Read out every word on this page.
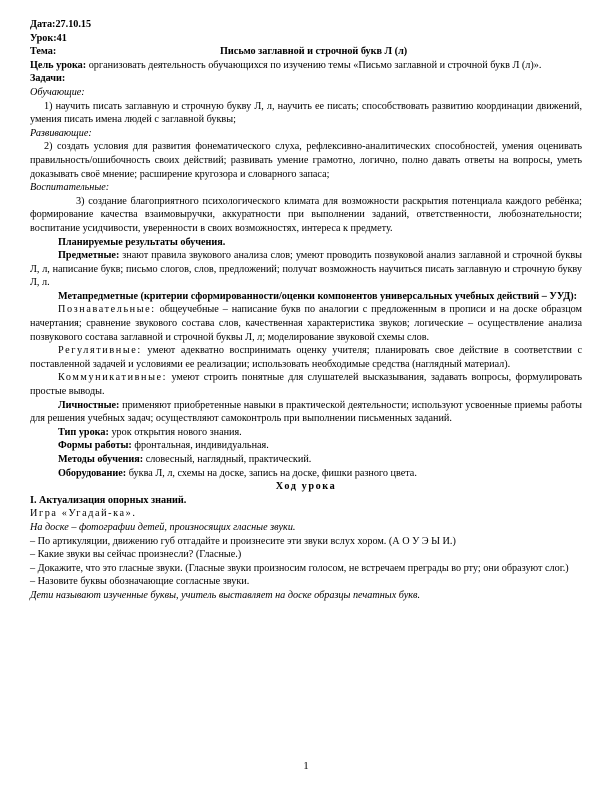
Дата:27.10.15

Урок:41

Тема:	Письмо заглавной и строчной букв Л (л)

Цель урока: организовать деятельность обучающихся по изучению темы «Письмо заглавной и строчной букв Л (л)».

Задачи:

Обучающие:

1) научить писать заглавную и строчную букву Л, л, научить ее писать; способствовать развитию координации движений, умения писать имена людей с заглавной буквы;

Развивающие:

2) создать условия для развития фонематического слуха, рефлексивно-аналитических способностей, умения оценивать правильность/ошибочность своих действий; развивать умение грамотно, логично, полно давать ответы на вопросы, уметь доказывать своё мнение; расширение кругозора и словарного запаса;

Воспитательные:

3) создание благоприятного психологического климата для возможности раскрытия потенциала каждого ребёнка; формирование качества взаимовыручки, аккуратности при выполнении заданий, ответственности, любознательности; воспитание усидчивости, уверенности в своих возможностях, интереса к предмету.

Планируемые результаты обучения.

Предметные: знают правила звукового анализа слов; умеют проводить позвуковой анализ заглавной и строчной буквы Л, л, написание букв; письмо слогов, слов, предложений; получат возможность научиться писать заглавную и строчную букву Л, л.

Метапредметные (критерии сформированности/оценки компонентов универсальных учебных действий – УУД):

Познавательные: общеучебные – написание букв по аналогии с предложенным в прописи и на доске образцом начертания; сравнение звукового состава слов, качественная характеристика звуков; логические – осуществление анализа позвукового состава заглавной и строчной буквы Л, л; моделирование звуковой схемы слов.

Регулятивные: умеют адекватно воспринимать оценку учителя; планировать свое действие в соответствии с поставленной задачей и условиями ее реализации; использовать необходимые средства (наглядный материал).

Коммуникативные: умеют строить понятные для слушателей высказывания, задавать вопросы, формулировать простые выводы.

Личностные: применяют приобретенные навыки в практической деятельности; используют усвоенные приемы работы для решения учебных задач; осуществляют самоконтроль при выполнении письменных заданий.

Тип урока: урок открытия нового знания.

Формы работы: фронтальная, индивидуальная.

Методы обучения: словесный, наглядный, практический.

Оборудование: буква Л, л, схемы на доске, запись на доске, фишки разного цвета.

Ход урока

I. Актуализация опорных знаний.

Игра «Угадай-ка».

На доске – фотографии детей, произносящих гласные звуки.

– По артикуляции, движению губ отгадайте и произнесите эти звуки вслух хором. (А О У Э Ы И.)

– Какие звуки вы сейчас произнесли? (Гласные.)

– Докажите, что это гласные звуки. (Гласные звуки произносим голосом, не встречаем преграды во рту; они образуют слог.)

– Назовите буквы обозначающие согласные звуки.

Дети называют изученные буквы, учитель выставляет на доске образцы печатных букв.

1
